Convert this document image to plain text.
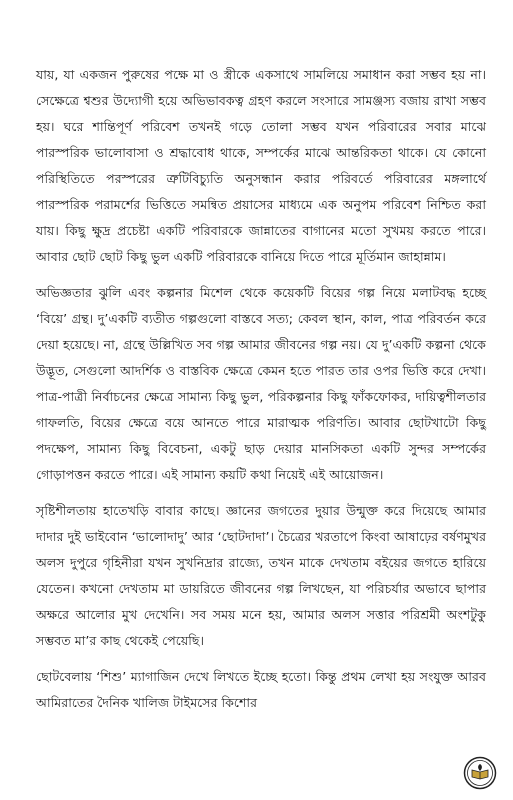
যায়, যা একজন পুরুষের পক্ষে মা ও স্ত্রীকে একসাথে সামলিয়ে সমাধান করা সম্ভব হয় না। সেক্ষেত্রে শ্বশুর উদ্যোগী হয়ে অভিভাবকত্ব গ্রহণ করলে সংসারে সামঞ্জস্য বজায় রাখা সম্ভব হয়। ঘরে শান্তিপূর্ণ পরিবেশ তখনই গড়ে তোলা সম্ভব যখন পরিবারের সবার মাঝে পারস্পরিক ভালোবাসা ও শ্রদ্ধাবোধ থাকে, সম্পর্কের মাঝে আন্তরিকতা থাকে। যে কোনো পরিস্থিতিতে পরস্পরের ত্রুটিবিচ্যুতি অনুসন্ধান করার পরিবর্তে পরিবারের মঙ্গলার্থে পারস্পরিক পরামর্শের ভিত্তিতে সমন্বিত প্রয়াসের মাধ্যমে এক অনুপম পরিবেশ নিশ্চিত করা যায়। কিছু ক্ষুদ্র প্রচেষ্টা একটি পরিবারকে জান্নাতের বাগানের মতো সুখময় করতে পারে। আবার ছোট ছোট কিছু ভুল একটি পরিবারকে বানিয়ে দিতে পারে মূর্তিমান জাহান্নাম।

অভিজ্ঞতার ঝুলি এবং কল্পনার মিশেল থেকে কয়েকটি বিয়ের গল্প নিয়ে মলাটবদ্ধ হচ্ছে ‘বিয়ে’ গ্রন্থ। দু’একটি ব্যতীত গল্পগুলো বাস্তবে সত্য; কেবল স্থান, কাল, পাত্র পরিবর্তন করে দেয়া হয়েছে। না, গ্রন্থে উল্লিখিত সব গল্প আমার জীবনের গল্প নয়। যে দু’একটি কল্পনা থেকে উদ্ভূত, সেগুলো আদর্শিক ও বাস্তবিক ক্ষেত্রে কেমন হতে পারত তার ওপর ভিত্তি করে দেখা। পাত্র-পাত্রী নির্বাচনের ক্ষেত্রে সামান্য কিছু ভুল, পরিকল্পনার কিছু ফাঁকফোকর, দায়িত্বশীলতার গাফলতি, বিয়ের ক্ষেত্রে বয়ে আনতে পারে মারাত্মক পরিণতি। আবার ছোটখাটো কিছু পদক্ষেপ, সামান্য কিছু বিবেচনা, একটু ছাড় দেয়ার মানসিকতা একটি সুন্দর সম্পর্কের গোড়াপত্তন করতে পারে। এই সামান্য কয়টি কথা নিয়েই এই আয়োজন।

সৃষ্টিশীলতায় হাতেখড়ি বাবার কাছে। জ্ঞানের জগতের দুয়ার উন্মুক্ত করে দিয়েছে আমার দাদার দুই ভাইবোন ‘ভালোদাদু’ আর ‘ছোটদাদা’। চৈত্রের খরতাপে কিংবা আষাঢ়ের বর্ষণমুখর অলস দুপুরে গৃহিনীরা যখন সুখনিদ্রার রাজ্যে, তখন মাকে দেখতাম বইয়ের জগতে হারিয়ে যেতেন। কখনো দেখতাম মা ডায়রিতে জীবনের গল্প লিখছেন, যা পরিচর্যার অভাবে ছাপার অক্ষরে আলোর মুখ দেখেনি। সব সময় মনে হয়, আমার অলস সত্তার পরিশ্রমী অংশটুকু সম্ভবত মা’র কাছ থেকেই পেয়েছি।

ছোটবেলায় ‘শিশু’ ম্যাগাজিন দেখে লিখতে ইচ্ছে হতো। কিন্তু প্রথম লেখা হয় সংযুক্ত আরব আমিরাতের দৈনিক খালিজ টাইমসের কিশোর
